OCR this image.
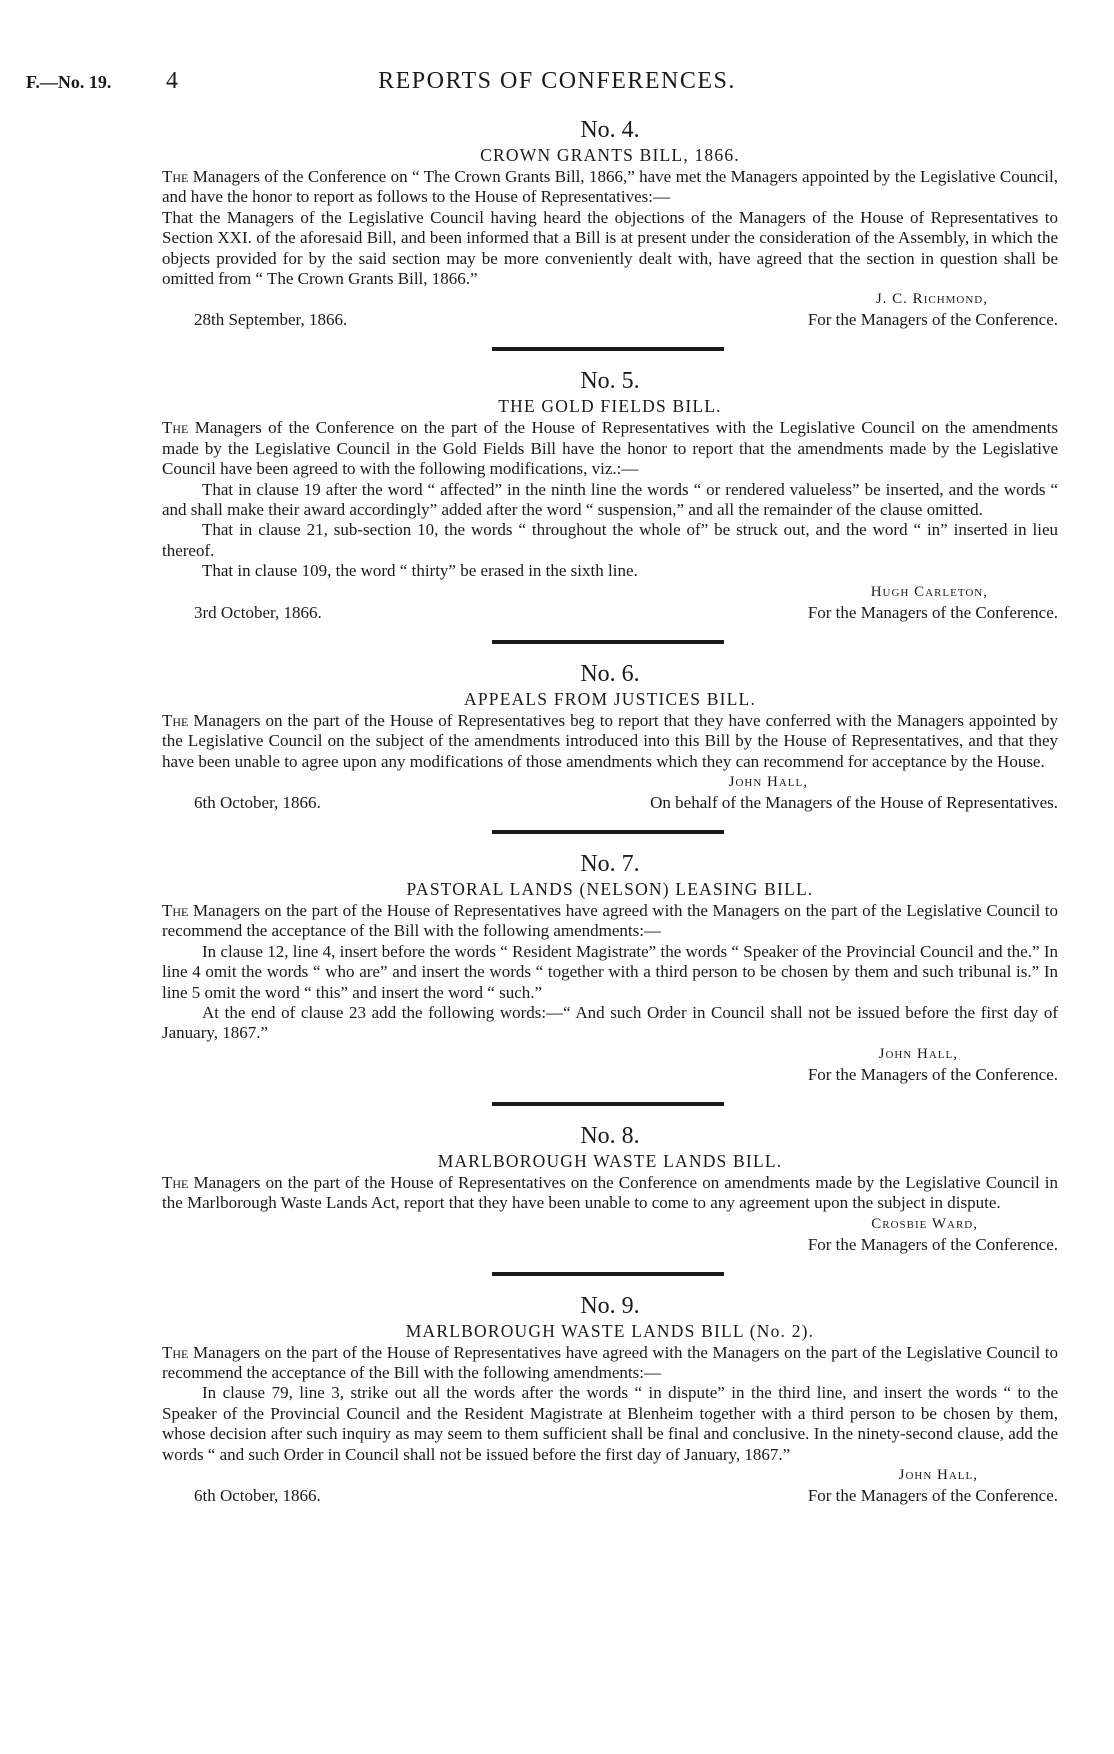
F.—No. 19. 4	REPORTS OF CONFERENCES.
No. 4.
CROWN GRANTS BILL, 1866.

The Managers of the Conference on “ The Crown Grants Bill, 1866,” have met the Managers appointed by the Legislative Council, and have the honor to report as follows to the House of Representatives:—

That the Managers of the Legislative Council having heard the objections of the Managers of the House of Representatives to Section XXI. of the aforesaid Bill, and been informed that a Bill is at present under the consideration of the Assembly, in which the objects provided for by the said section may be more conveniently dealt with, have agreed that the section in question shall be omitted from “ The Crown Grants Bill, 1866.”

J. C. Richmond,
28th September, 1866.	For the Managers of the Conference.
No. 5.
THE GOLD FIELDS BILL.

The Managers of the Conference on the part of the House of Representatives with the Legislative Council on the amendments made by the Legislative Council in the Gold Fields Bill have the honor to report that the amendments made by the Legislative Council have been agreed to with the following modifications, viz.:—

That in clause 19 after the word “ affected” in the ninth line the words “ or rendered valueless” be inserted, and the words “ and shall make their award accordingly” added after the word “ suspension,” and all the remainder of the clause omitted.

That in clause 21, sub-section 10, the words “ throughout the whole of” be struck out, and the word “ in” inserted in lieu thereof.

That in clause 109, the word “ thirty” be erased in the sixth line.

Hugh Carleton,
3rd October, 1866.	For the Managers of the Conference.
No. 6.
APPEALS FROM JUSTICES BILL.

The Managers on the part of the House of Representatives beg to report that they have conferred with the Managers appointed by the Legislative Council on the subject of the amendments introduced into this Bill by the House of Representatives, and that they have been unable to agree upon any modifications of those amendments which they can recommend for acceptance by the House.

John Hall,
6th October, 1866.	On behalf of the Managers of the House of Representatives.
No. 7.
PASTORAL LANDS (NELSON) LEASING BILL.

The Managers on the part of the House of Representatives have agreed with the Managers on the part of the Legislative Council to recommend the acceptance of the Bill with the following amendments:—

In clause 12, line 4, insert before the words “ Resident Magistrate” the words “ Speaker of the Provincial Council and the.” In line 4 omit the words “ who are” and insert the words “ together with a third person to be chosen by them and such tribunal is.” In line 5 omit the word “ this” and insert the word “ such.”

At the end of clause 23 add the following words:—“ And such Order in Council shall not be issued before the first day of January, 1867.”

John Hall,
For the Managers of the Conference.
No. 8.
MARLBOROUGH WASTE LANDS BILL.

The Managers on the part of the House of Representatives on the Conference on amendments made by the Legislative Council in the Marlborough Waste Lands Act, report that they have been unable to come to any agreement upon the subject in dispute.

Crosbie Ward,
For the Managers of the Conference.
No. 9.
MARLBOROUGH WASTE LANDS BILL (No. 2).

The Managers on the part of the House of Representatives have agreed with the Managers on the part of the Legislative Council to recommend the acceptance of the Bill with the following amendments:—

In clause 79, line 3, strike out all the words after the words “ in dispute” in the third line, and insert the words “ to the Speaker of the Provincial Council and the Resident Magistrate at Blenheim together with a third person to be chosen by them, whose decision after such inquiry as may seem to them sufficient shall be final and conclusive. In the ninety-second clause, add the words “ and such Order in Council shall not be issued before the first day of January, 1867.”

John Hall,
6th October, 1866.	For the Managers of the Conference.
